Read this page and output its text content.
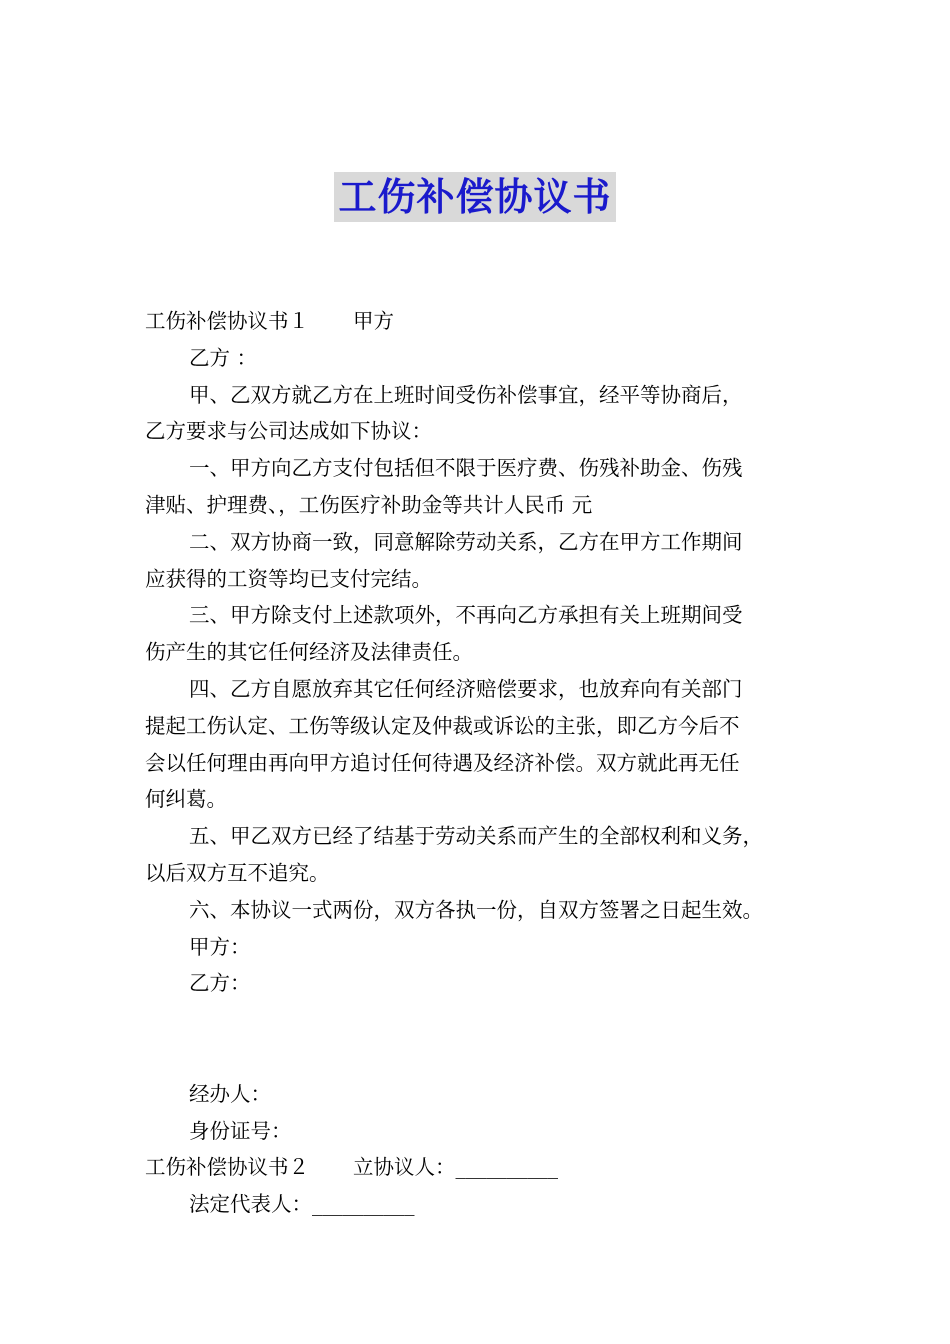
工伤补偿协议书
工伤补偿协议书１ 甲方
乙方 ：
甲、乙双方就乙方在上班时间受伤补偿事宜，经平等协商后，
乙方要求与公司达成如下协议：
一、甲方向乙方支付包括但不限于医疗费、伤残补助金、伤残
津贴、护理费、，工伤医疗补助金等共计人民币 元
二、双方协商一致，同意解除劳动关系，乙方在甲方工作期间
应获得的工资等均已支付完结。
三、甲方除支付上述款项外，不再向乙方承担有关上班期间受
伤产生的其它任何经济及法律责任。
四、乙方自愿放弃其它任何经济赔偿要求，也放弃向有关部门
提起工伤认定、工伤等级认定及仲裁或诉讼的主张，即乙方今后不
会以任何理由再向甲方追讨任何待遇及经济补偿。双方就此再无任
何纠葛。
五、甲乙双方已经了结基于劳动关系而产生的全部权利和义务，
以后双方互不追究。
六、本协议一式两份，双方各执一份，自双方签署之日起生效。
甲方：
乙方：
经办人：
身份证号：
工伤补偿协议书２ 立协议人：__________
法定代表人：__________
